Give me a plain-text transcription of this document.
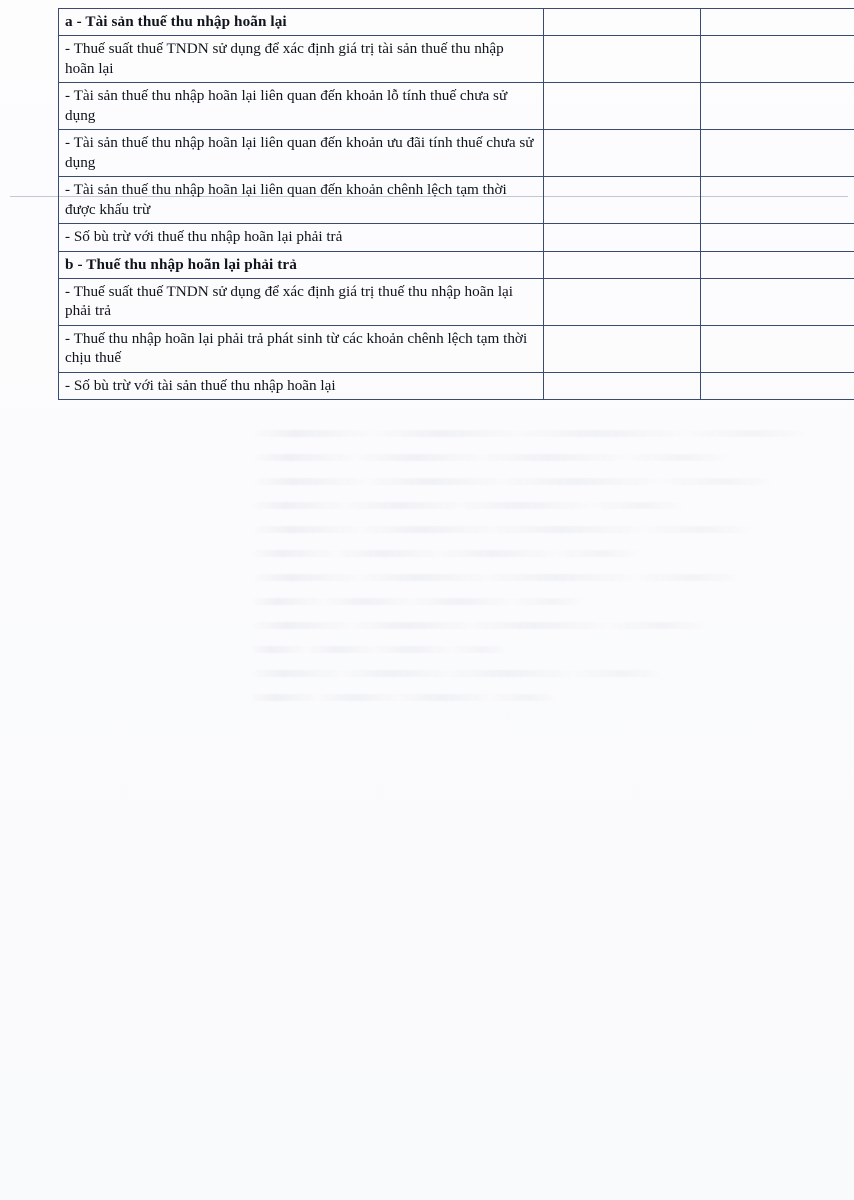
a - Tài sản thuế thu nhập hoãn lại		
- Thuế suất thuế TNDN sử dụng để xác định giá trị tài sản thuế thu nhập hoãn lại		
- Tài sản thuế thu nhập hoãn lại liên quan đến khoản lỗ tính thuế chưa sử dụng		
- Tài sản thuế thu nhập hoãn lại liên quan đến khoản ưu đãi tính thuế chưa sử dụng		
- Tài sản thuế thu nhập hoãn lại liên quan đến khoản chênh lệch tạm thời được khấu trừ		
- Số bù trừ với thuế thu nhập hoãn lại phải trả		
b - Thuế thu nhập hoãn lại phải trả		
- Thuế suất thuế TNDN sử dụng để xác định giá trị thuế thu nhập hoãn lại phải trả		
- Thuế thu nhập hoãn lại phải trả phát sinh từ các khoản chênh lệch tạm thời chịu thuế		
- Số bù trừ với tài sản thuế thu nhập hoãn lại		
